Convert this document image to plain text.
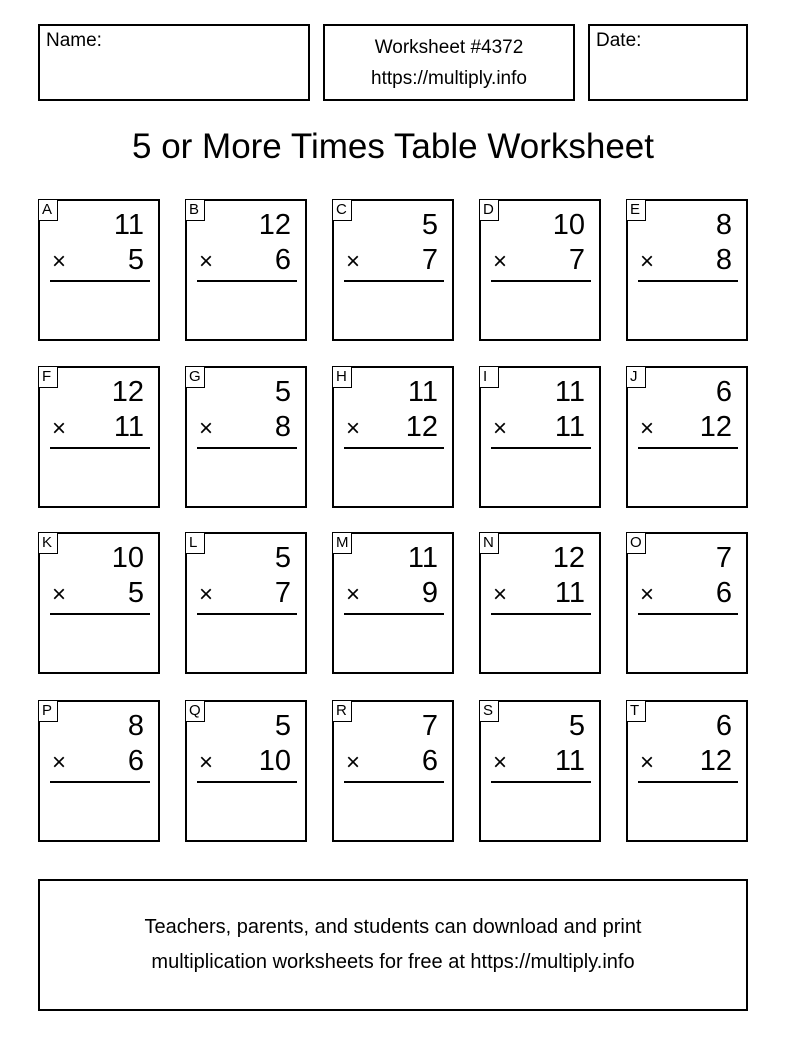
Name:	Worksheet #4372
https://multiply.info
Date:
5 or More Times Table Worksheet
A 11
× 5
B 12
× 6
C	5
× 7
D 10
× 7
E	8
× 8
F 12
× 11
G	5
× 8
H 11
× 12
I	11
× 11
J	6
× 12
K 10
× 5
L	5
× 7
M 11
× 9
N 12
× 11
O	7
× 6
P	8
× 6
Q	5
× 10
R	7
× 6
S	5
× 11
T	6
× 12
Teachers, parents, and students can download and print
multiplication worksheets for free at https://multiply.info
